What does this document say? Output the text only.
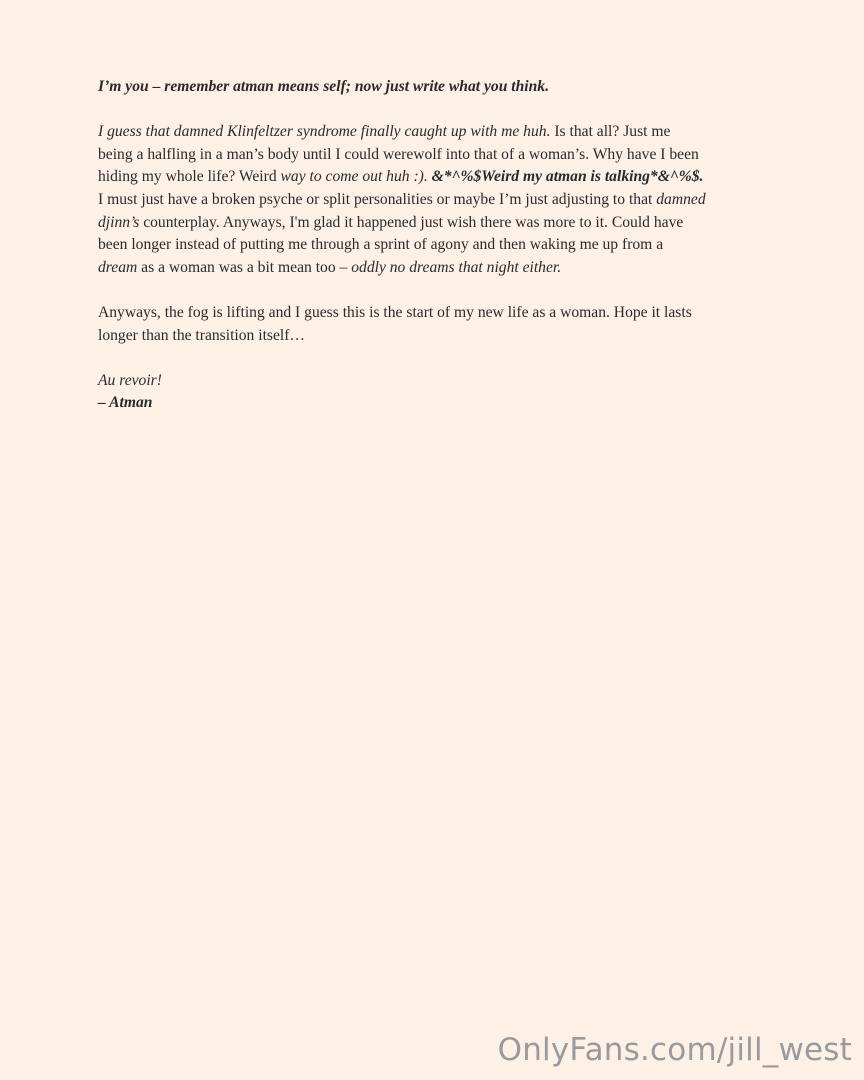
I’m you – remember atman means self; now just write what you think.

I guess that damned Klinfeltzer syndrome finally caught up with me huh. Is that all? Just me
being a halfling in a man’s body until I could werewolf into that of a woman’s. Why have I been
hiding my whole life? Weird way to come out huh :). &*^%$Weird my atman is talking*&^%$.
I must just have a broken psyche or split personalities or maybe I’m just adjusting to that damned
djinn’s counterplay. Anyways, I'm glad it happened just wish there was more to it. Could have
been longer instead of putting me through a sprint of agony and then waking me up from a
dream as a woman was a bit mean too – oddly no dreams that night either.

Anyways, the fog is lifting and I guess this is the start of my new life as a woman. Hope it lasts
longer than the transition itself…

Au revoir!
– Atman
OnlyFans.com/jill_west
